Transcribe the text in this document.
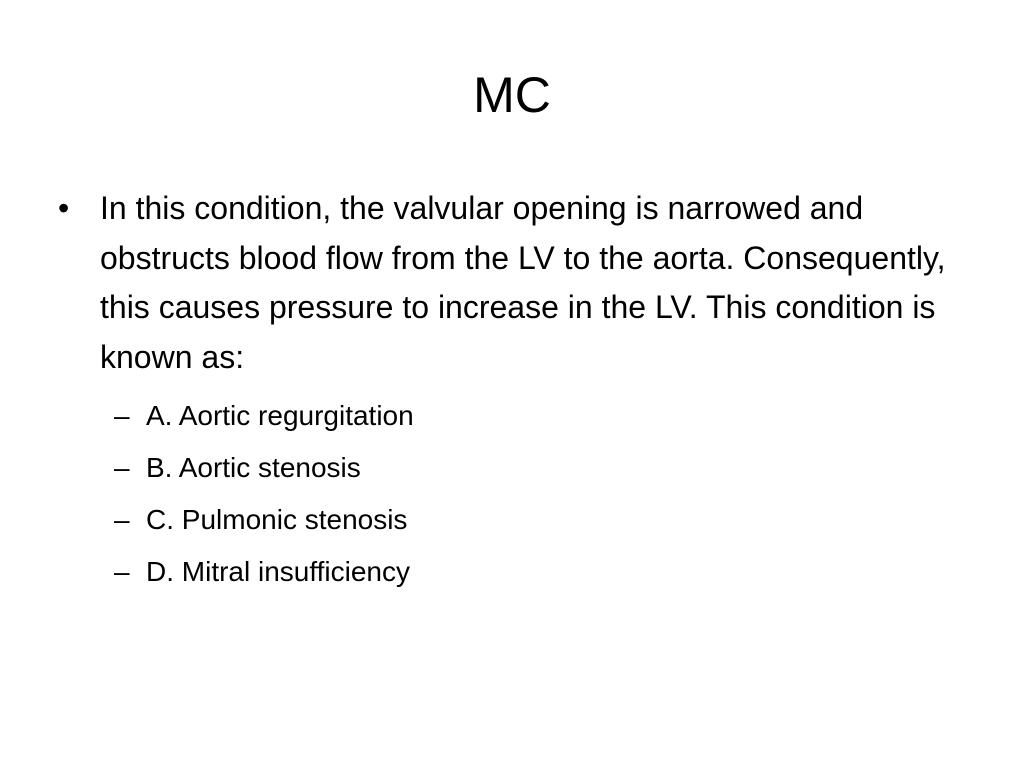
MC
• In this condition, the valvular opening is narrowed and obstructs blood flow from the LV to the aorta. Consequently, this causes pressure to increase in the LV. This condition is known as:
– A. Aortic regurgitation
– B. Aortic stenosis
– C. Pulmonic stenosis
– D. Mitral insufficiency
